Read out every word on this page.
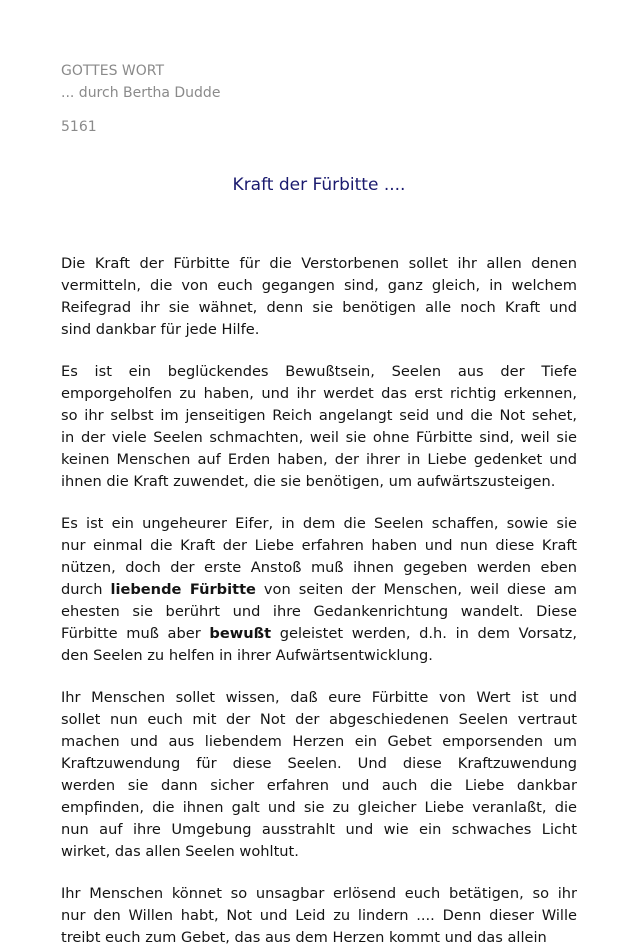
GOTTES WORT
... durch Bertha Dudde
5161
Kraft der Fürbitte ....
Die Kraft der Fürbitte für die Verstorbenen sollet ihr allen denen
vermitteln, die von euch gegangen sind, ganz gleich, in welchem
Reifegrad ihr sie wähnet, denn sie benötigen alle noch Kraft und
sind dankbar für jede Hilfe.
Es ist ein beglückendes Bewußtsein, Seelen aus der Tiefe
emporgeholfen zu haben, und ihr werdet das erst richtig erkennen,
so ihr selbst im jenseitigen Reich angelangt seid und die Not sehet,
in der viele Seelen schmachten, weil sie ohne Fürbitte sind, weil sie
keinen Menschen auf Erden haben, der ihrer in Liebe gedenket und
ihnen die Kraft zuwendet, die sie benötigen, um aufwärtszusteigen.
Es ist ein ungeheurer Eifer, in dem die Seelen schaffen, sowie sie
nur einmal die Kraft der Liebe erfahren haben und nun diese Kraft
nützen, doch der erste Anstoß muß ihnen gegeben werden eben
durch liebende Fürbitte von seiten der Menschen, weil diese am
ehesten sie berührt und ihre Gedankenrichtung wandelt. Diese
Fürbitte muß aber bewußt geleistet werden, d.h. in dem Vorsatz,
den Seelen zu helfen in ihrer Aufwärtsentwicklung.
Ihr Menschen sollet wissen, daß eure Fürbitte von Wert ist und
sollet nun euch mit der Not der abgeschiedenen Seelen vertraut
machen und aus liebendem Herzen ein Gebet emporsenden um
Kraftzuwendung für diese Seelen. Und diese Kraftzuwendung
werden sie dann sicher erfahren und auch die Liebe dankbar
empfinden, die ihnen galt und sie zu gleicher Liebe veranlaßt, die
nun auf ihre Umgebung ausstrahlt und wie ein schwaches Licht
wirket, das allen Seelen wohltut.
Ihr Menschen könnet so unsagbar erlösend euch betätigen, so ihr
nur den Willen habt, Not und Leid zu lindern .... Denn dieser Wille
treibt euch zum Gebet, das aus dem Herzen kommt und das allein
